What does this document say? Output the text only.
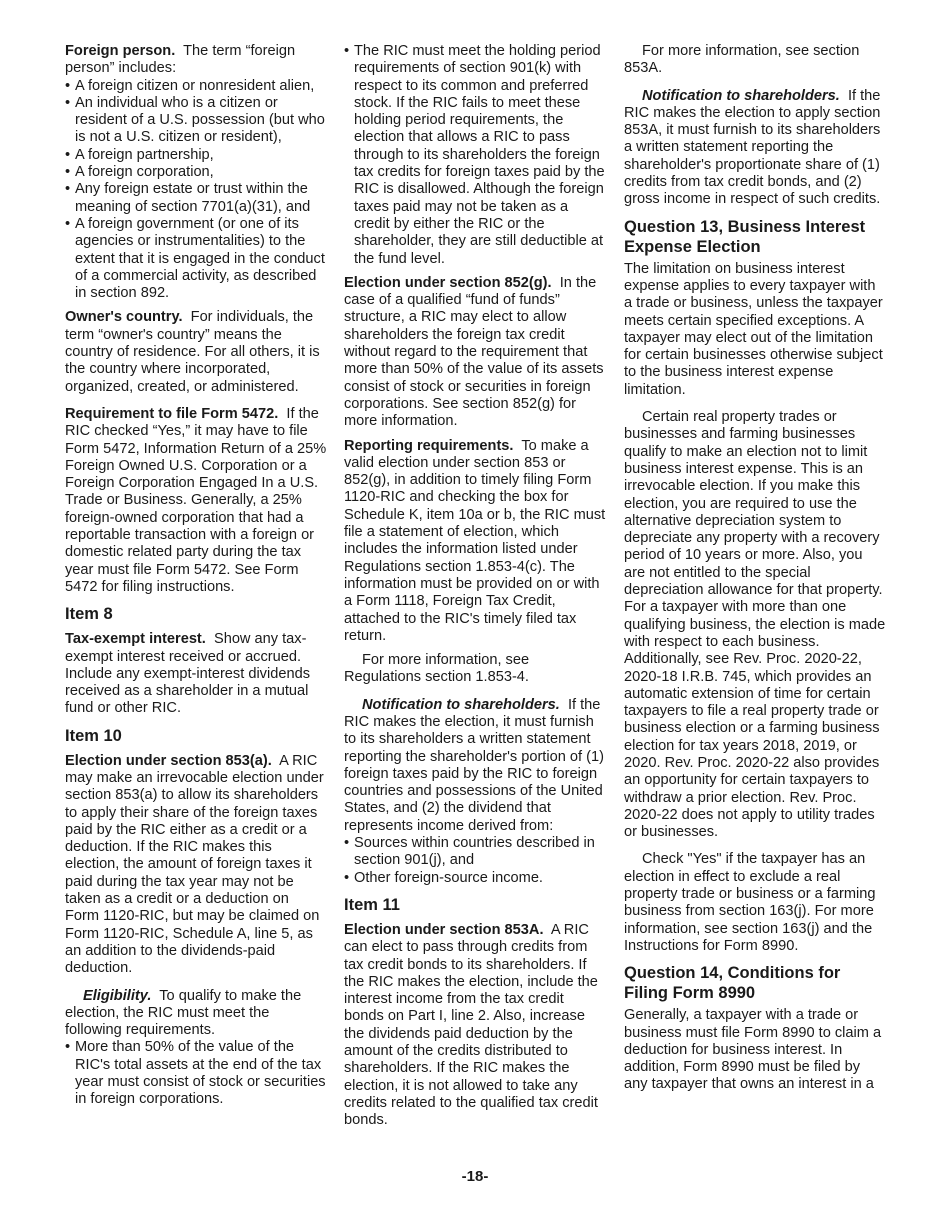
Foreign person. The term “foreign person” includes:

• A foreign citizen or nonresident alien,
• An individual who is a citizen or resident of a U.S. possession (but who is not a U.S. citizen or resident),
• A foreign partnership,
• A foreign corporation,
• Any foreign estate or trust within the meaning of section 7701(a)(31), and
• A foreign government (or one of its agencies or instrumentalities) to the extent that it is engaged in the conduct of a commercial activity, as described in section 892.

Owner's country. For individuals, the term “owner's country” means the country of residence. For all others, it is the country where incorporated, organized, created, or administered.

Requirement to file Form 5472. If the RIC checked “Yes,” it may have to file Form 5472, Information Return of a 25% Foreign Owned U.S. Corporation or a Foreign Corporation Engaged In a U.S. Trade or Business. Generally, a 25% foreign-owned corporation that had a reportable transaction with a foreign or domestic related party during the tax year must file Form 5472. See Form 5472 for filing instructions.

Item 8

Tax-exempt interest. Show any tax-exempt interest received or accrued. Include any exempt-interest dividends received as a shareholder in a mutual fund or other RIC.

Item 10

Election under section 853(a). A RIC may make an irrevocable election under section 853(a) to allow its shareholders to apply their share of the foreign taxes paid by the RIC either as a credit or a deduction. If the RIC makes this election, the amount of foreign taxes it paid during the tax year may not be taken as a credit or a deduction on Form 1120-RIC, but may be claimed on Form 1120-RIC, Schedule A, line 5, as an addition to the dividends-paid deduction.

Eligibility. To qualify to make the election, the RIC must meet the following requirements.

• More than 50% of the value of the RIC's total assets at the end of the tax year must consist of stock or securities in foreign corporations.
• The RIC must meet the holding period requirements of section 901(k) with respect to its common and preferred stock. If the RIC fails to meet these holding period requirements, the election that allows a RIC to pass through to its shareholders the foreign tax credits for foreign taxes paid by the RIC is disallowed. Although the foreign taxes paid may not be taken as a credit by either the RIC or the shareholder, they are still deductible at the fund level.

Election under section 852(g). In the case of a qualified “fund of funds” structure, a RIC may elect to allow shareholders the foreign tax credit without regard to the requirement that more than 50% of the value of its assets consist of stock or securities in foreign corporations. See section 852(g) for more information.

Reporting requirements. To make a valid election under section 853 or 852(g), in addition to timely filing Form 1120-RIC and checking the box for Schedule K, item 10a or b, the RIC must file a statement of election, which includes the information listed under Regulations section 1.853-4(c). The information must be provided on or with a Form 1118, Foreign Tax Credit, attached to the RIC's timely filed tax return.

For more information, see Regulations section 1.853-4.

Notification to shareholders. If the RIC makes the election, it must furnish to its shareholders a written statement reporting the shareholder's portion of (1) foreign taxes paid by the RIC to foreign countries and possessions of the United States, and (2) the dividend that represents income derived from:

• Sources within countries described in section 901(j), and
• Other foreign-source income.
Item 11

Election under section 853A. A RIC can elect to pass through credits from tax credit bonds to its shareholders. If the RIC makes the election, include the interest income from the tax credit bonds on Part I, line 2. Also, increase the dividends paid deduction by the amount of the credits distributed to shareholders. If the RIC makes the election, it is not allowed to take any credits related to the qualified tax credit bonds.

For more information, see section 853A.

Notification to shareholders. If the RIC makes the election to apply section 853A, it must furnish to its shareholders a written statement reporting the shareholder's proportionate share of (1) credits from tax credit bonds, and (2) gross income in respect of such credits.

Question 13, Business Interest Expense Election

The limitation on business interest expense applies to every taxpayer with a trade or business, unless the taxpayer meets certain specified exceptions. A taxpayer may elect out of the limitation for certain businesses otherwise subject to the business interest expense limitation.

Certain real property trades or businesses and farming businesses qualify to make an election not to limit business interest expense. This is an irrevocable election. If you make this election, you are required to use the alternative depreciation system to depreciate any property with a recovery period of 10 years or more. Also, you are not entitled to the special depreciation allowance for that property. For a taxpayer with more than one qualifying business, the election is made with respect to each business. Additionally, see Rev. Proc. 2020-22, 2020-18 I.R.B. 745, which provides an automatic extension of time for certain taxpayers to file a real property trade or business election or a farming business election for tax years 2018, 2019, or 2020. Rev. Proc. 2020-22 also provides an opportunity for certain taxpayers to withdraw a prior election. Rev. Proc. 2020-22 does not apply to utility trades or businesses.

Check "Yes" if the taxpayer has an election in effect to exclude a real property trade or business or a farming business from section 163(j). For more information, see section 163(j) and the Instructions for Form 8990.

Question 14, Conditions for Filing Form 8990

Generally, a taxpayer with a trade or business must file Form 8990 to claim a deduction for business interest. In addition, Form 8990 must be filed by any taxpayer that owns an interest in a

-18-
